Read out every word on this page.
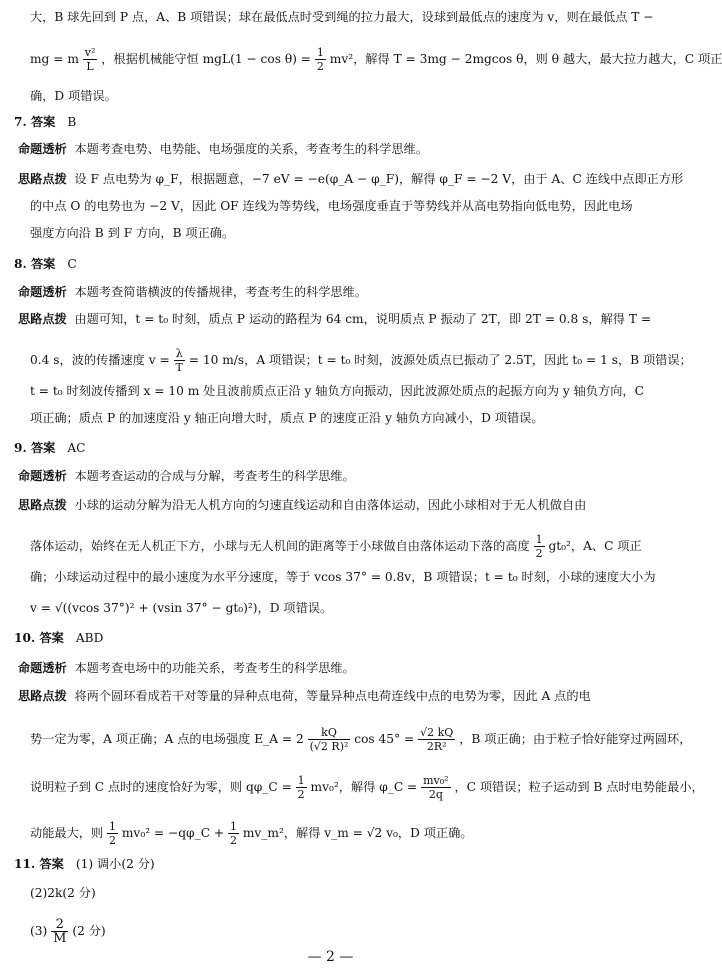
大，B 球先回到 P 点，A、B 项错误；球在最低点时受到绳的拉力最大，设球到最低点的速度为 v，则在最低点 T −
mg = m $\frac{\text{v²}}{L}$ ，根据机械能守恒 $mgL(1 - \cos \theta) = \frac{1}{2} mv^2$，解得 T = 3mg − 2mgcos θ，则 θ 越大，最大拉力越大，C 项正
确，D 项错误。
7. 答案 B
命题透析 本题考查电势、电势能、电场强度的关系，考查考生的科学思维。
思路点拨 设 F 点电势为 φ_F，根据题意，−7 eV = −e(φ_A − φ_F)，解得 φ_F = −2 V，由于 A、C 连线中点即正方形
的中点 O 的电势也为 −2 V，因此 OF 连线为等势线，电场强度垂直于等势线并从高电势指向低电势，因此电场
强度方向沿 B 到 F 方向，B 项正确。
8. 答案 C
命题透析 本题考查简谐横波的传播规律，考查考生的科学思维。
思路点拨 由题可知，t = t₀ 时刻，质点 P 运动的路程为 64 cm，说明质点 P 振动了 2T，即 2T = 0.8 s，解得 T =
0.4 s，波的传播速度 $v = \frac{\lambda}{T} = 10$ m/s，A 项错误；t = t₀ 时刻，波源处质点已振动了 2.5T，因此 t₀ = 1 s，B 项错误；
t = t₀ 时刻波传播到 x = 10 m 处且波前质点正沿 y 轴负方向振动，因此波源处质点的起振方向为 y 轴负方向，C
项正确；质点 P 的加速度沿 y 轴正向增大时，质点 P 的速度正沿 y 轴负方向减小，D 项错误。
9. 答案 AC
命题透析 本题考查运动的合成与分解，考查考生的科学思维。
思路点拨 小球的运动分解为沿无人机方向的匀速直线运动和自由落体运动，因此小球相对于无人机做自由
落体运动，始终在无人机正下方，小球与无人机间的距离等于小球做自由落体运动下落的高度 $\frac{1}{2} gt_0^2$，A、C 项正
确；小球运动过程中的最小速度为水平分速度，等于 vcos 37° = 0.8v，B 项错误；t = t₀ 时刻，小球的速度大小为
v = √((vcos 37°)² + (vsin 37° − gt₀)²)，D 项错误。
10. 答案 ABD
命题透析 本题考查电场中的功能关系，考查考生的科学思维。
思路点拨 将两个圆环看成若干对等量的异种点电荷，等量异种点电荷连线中点的电势为零，因此 A 点的电
势一定为零，A 项正确；A 点的电场强度 E_A = $2 \frac{kQ}{\text{(√2 R)²}}$ $\cos 45^\circ = \frac{√2 kQ}{\text{2R²}}$ ，B 项正确；由于粒子恰好能穿过两圆环，
说明粒子到 C 点时的速度恰好为零，则 qφ_C = $\frac{1}{2} mv_0^2$，解得 φ_C = $\frac{\text{mv₀²}}{2q}$ ，C 项错误；粒子运动到 B 点时电势能最小，
动能最大，则 $\frac{1}{2} mv_0^2$ = −qφ_C + $\frac{1}{2}$ mv_m²，解得 v_m = √2 v₀，D 项正确。
11. 答案 (1) 调小(2 分)
(2)2k(2 分)
$(3) \frac{2}{M} (2$ 分)
— 2 —
